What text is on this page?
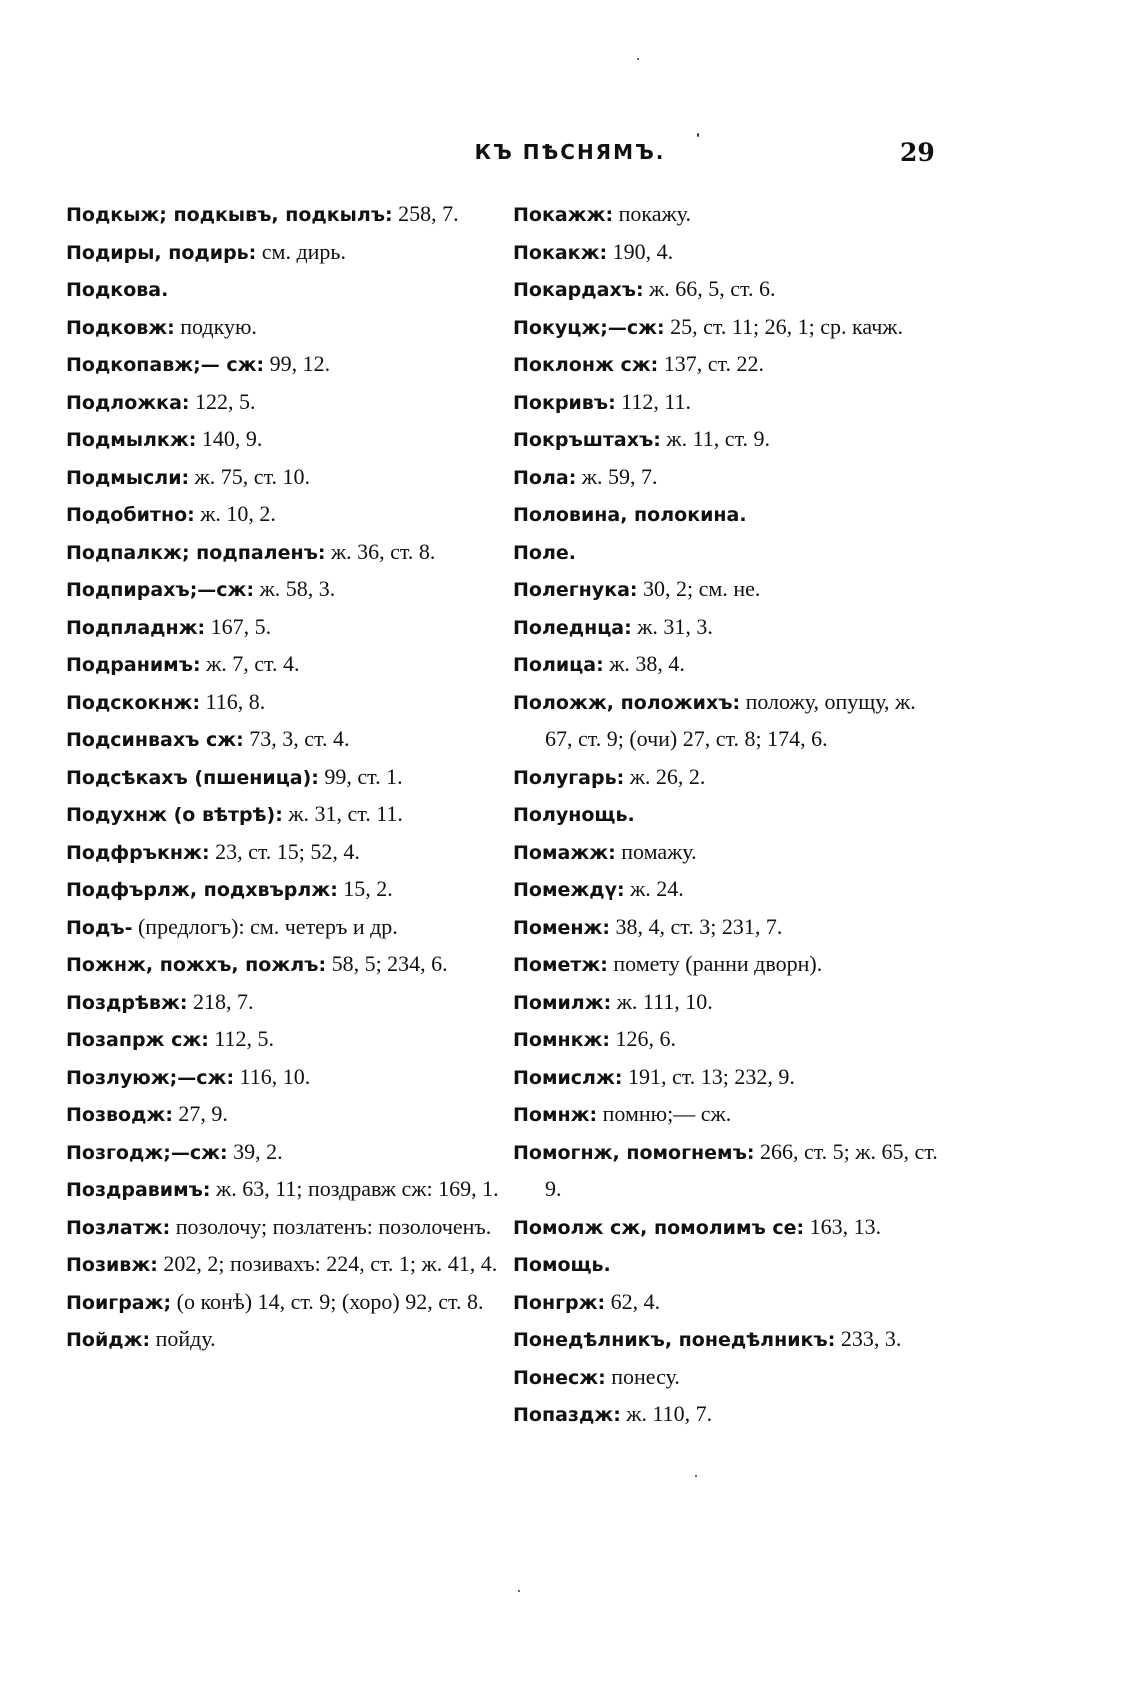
КЪ ПѢСНЯМЪ.	29
Подкыж; подкывъ, подкылъ: 258, 7.
Подиры, подирь: см. дирь.
Подкова.
Подковж: подкую.
Подкопавж;— сж: 99, 12.
Подложка: 122, 5.
Подмылкж: 140, 9.
Подмысли: ж. 75, ст. 10.
Подобитно: ж. 10, 2.
Подпалкж; подпаленъ: ж. 36, ст. 8.
Подпирахъ;—сж: ж. 58, 3.
Подпладнж: 167, 5.
Подранимъ: ж. 7, ст. 4.
Подскокнж: 116, 8.
Подсинвахъ сж: 73, 3, ст. 4.
Подсѣкахъ (пшеница): 99, ст. 1.
Подухнж (о вѣтрѣ): ж. 31, ст. 11.
Подфръкнж: 23, ст. 15; 52, 4.
Подфърлж, подхвърлж: 15, 2.
Подъ- (предлогъ): см. четеръ и др.
Пожнж, пожхъ, пожлъ: 58, 5; 234, 6.
Поздрѣвж: 218, 7.
Позапрж сж: 112, 5.
Позлуюж;—сж: 116, 10.
Позводж: 27, 9.
Позгодж;—сж: 39, 2.
Поздравимъ: ж. 63, 11; поздравж сж: 169, 1.
Позлатж: позолочу; позлатенъ: позолоченъ.
Позивж: 202, 2; позивахъ: 224, ст. 1; ж. 41, 4.
Поиграж; (о конѣ) 14, ст. 9; (хоро) 92, ст. 8.
Пойдж: пойду.
Покажж: покажу.
Покакж: 190, 4.
Покардахъ: ж. 66, 5, ст. 6.
Покуцж;—сж: 25, ст. 11; 26, 1; ср. качж.
Поклонж сж: 137, ст. 22.
Покривъ: 112, 11.
Покръштахъ: ж. 11, ст. 9.
Пола: ж. 59, 7.
Половина, полокина.
Поле.
Полегнука: 30, 2; см. не.
Поледнца: ж. 31, 3.
Полица: ж. 38, 4.
Положж, положихъ: положу, опущу, ж. 67, ст. 9; (очи) 27, ст. 8; 174, 6.
Полугарь: ж. 26, 2.
Полунощь.
Помажж: помажу.
Помеждү: ж. 24.
Поменж: 38, 4, ст. 3; 231, 7.
Пометж: помету (ранни дворн).
Помилж: ж. 111, 10.
Помнкж: 126, 6.
Помислж: 191, ст. 13; 232, 9.
Помнж: помню;— сж.
Помогнж, помогнемъ: 266, ст. 5; ж. 65, ст. 9.
Помолж сж, помолимъ се: 163, 13.
Помощь.
Понгрж: 62, 4.
Понедѣлникъ, понедѣлникъ: 233, 3.
Понесж: понесу.
Попаздж: ж. 110, 7.
